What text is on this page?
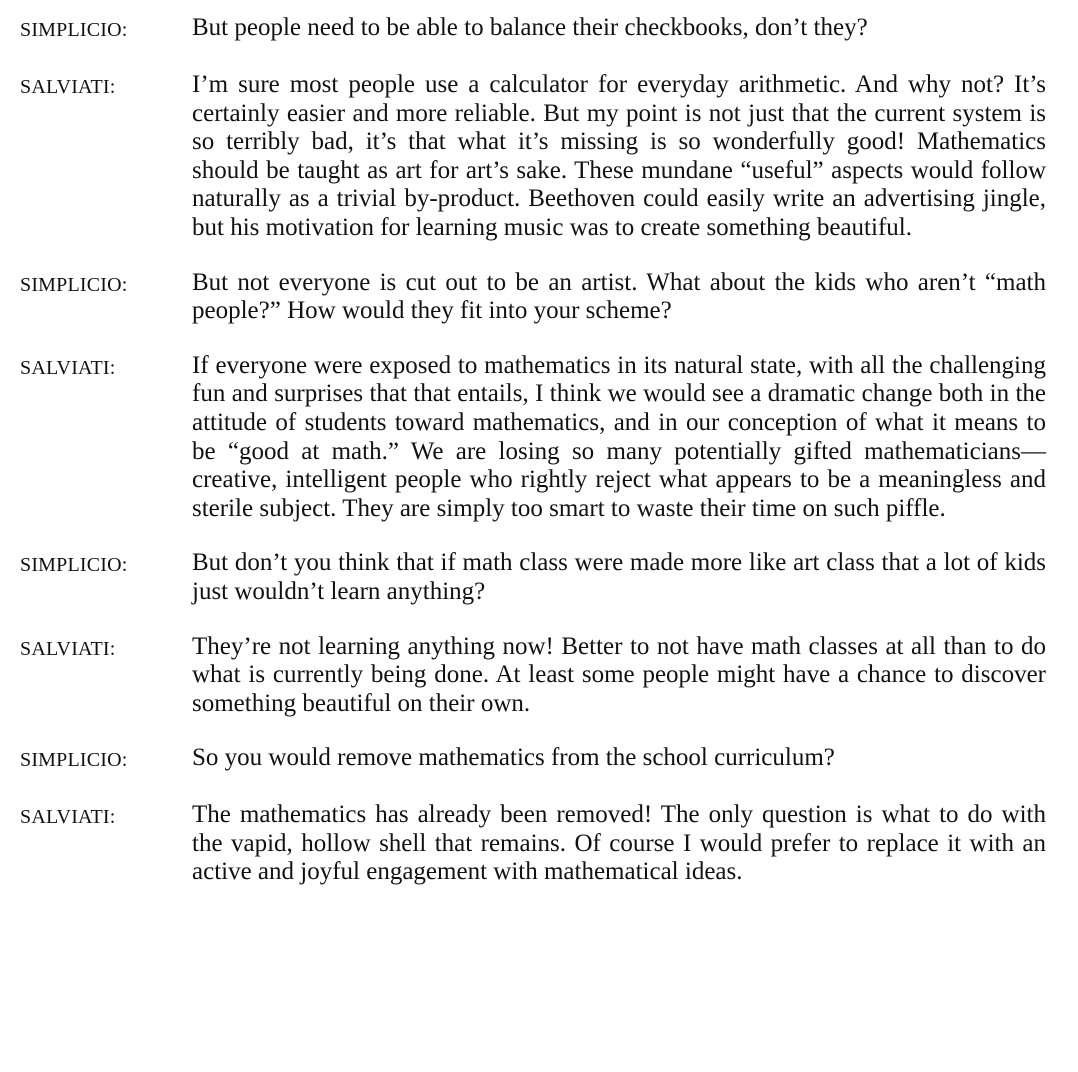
SIMPLICIO:	But people need to be able to balance their checkbooks, don’t they?
SALVIATI:	I’m sure most people use a calculator for everyday arithmetic. And why not? It’s certainly easier and more reliable. But my point is not just that the current system is so terribly bad, it’s that what it’s missing is so wonderfully good! Mathematics should be taught as art for art’s sake. These mundane “useful” aspects would follow naturally as a trivial by-product. Beethoven could easily write an advertising jingle, but his motivation for learning music was to create something beautiful.
SIMPLICIO:	But not everyone is cut out to be an artist. What about the kids who aren’t “math people?” How would they fit into your scheme?
SALVIATI:	If everyone were exposed to mathematics in its natural state, with all the challenging fun and surprises that that entails, I think we would see a dramatic change both in the attitude of students toward mathematics, and in our conception of what it means to be “good at math.” We are losing so many potentially gifted mathematicians—creative, intelligent people who rightly reject what appears to be a meaningless and sterile subject. They are simply too smart to waste their time on such piffle.
SIMPLICIO:	But don’t you think that if math class were made more like art class that a lot of kids just wouldn’t learn anything?
SALVIATI:	They’re not learning anything now! Better to not have math classes at all than to do what is currently being done. At least some people might have a chance to discover something beautiful on their own.
SIMPLICIO:	So you would remove mathematics from the school curriculum?
SALVIATI:	The mathematics has already been removed! The only question is what to do with the vapid, hollow shell that remains. Of course I would prefer to replace it with an active and joyful engagement with mathematical ideas.
